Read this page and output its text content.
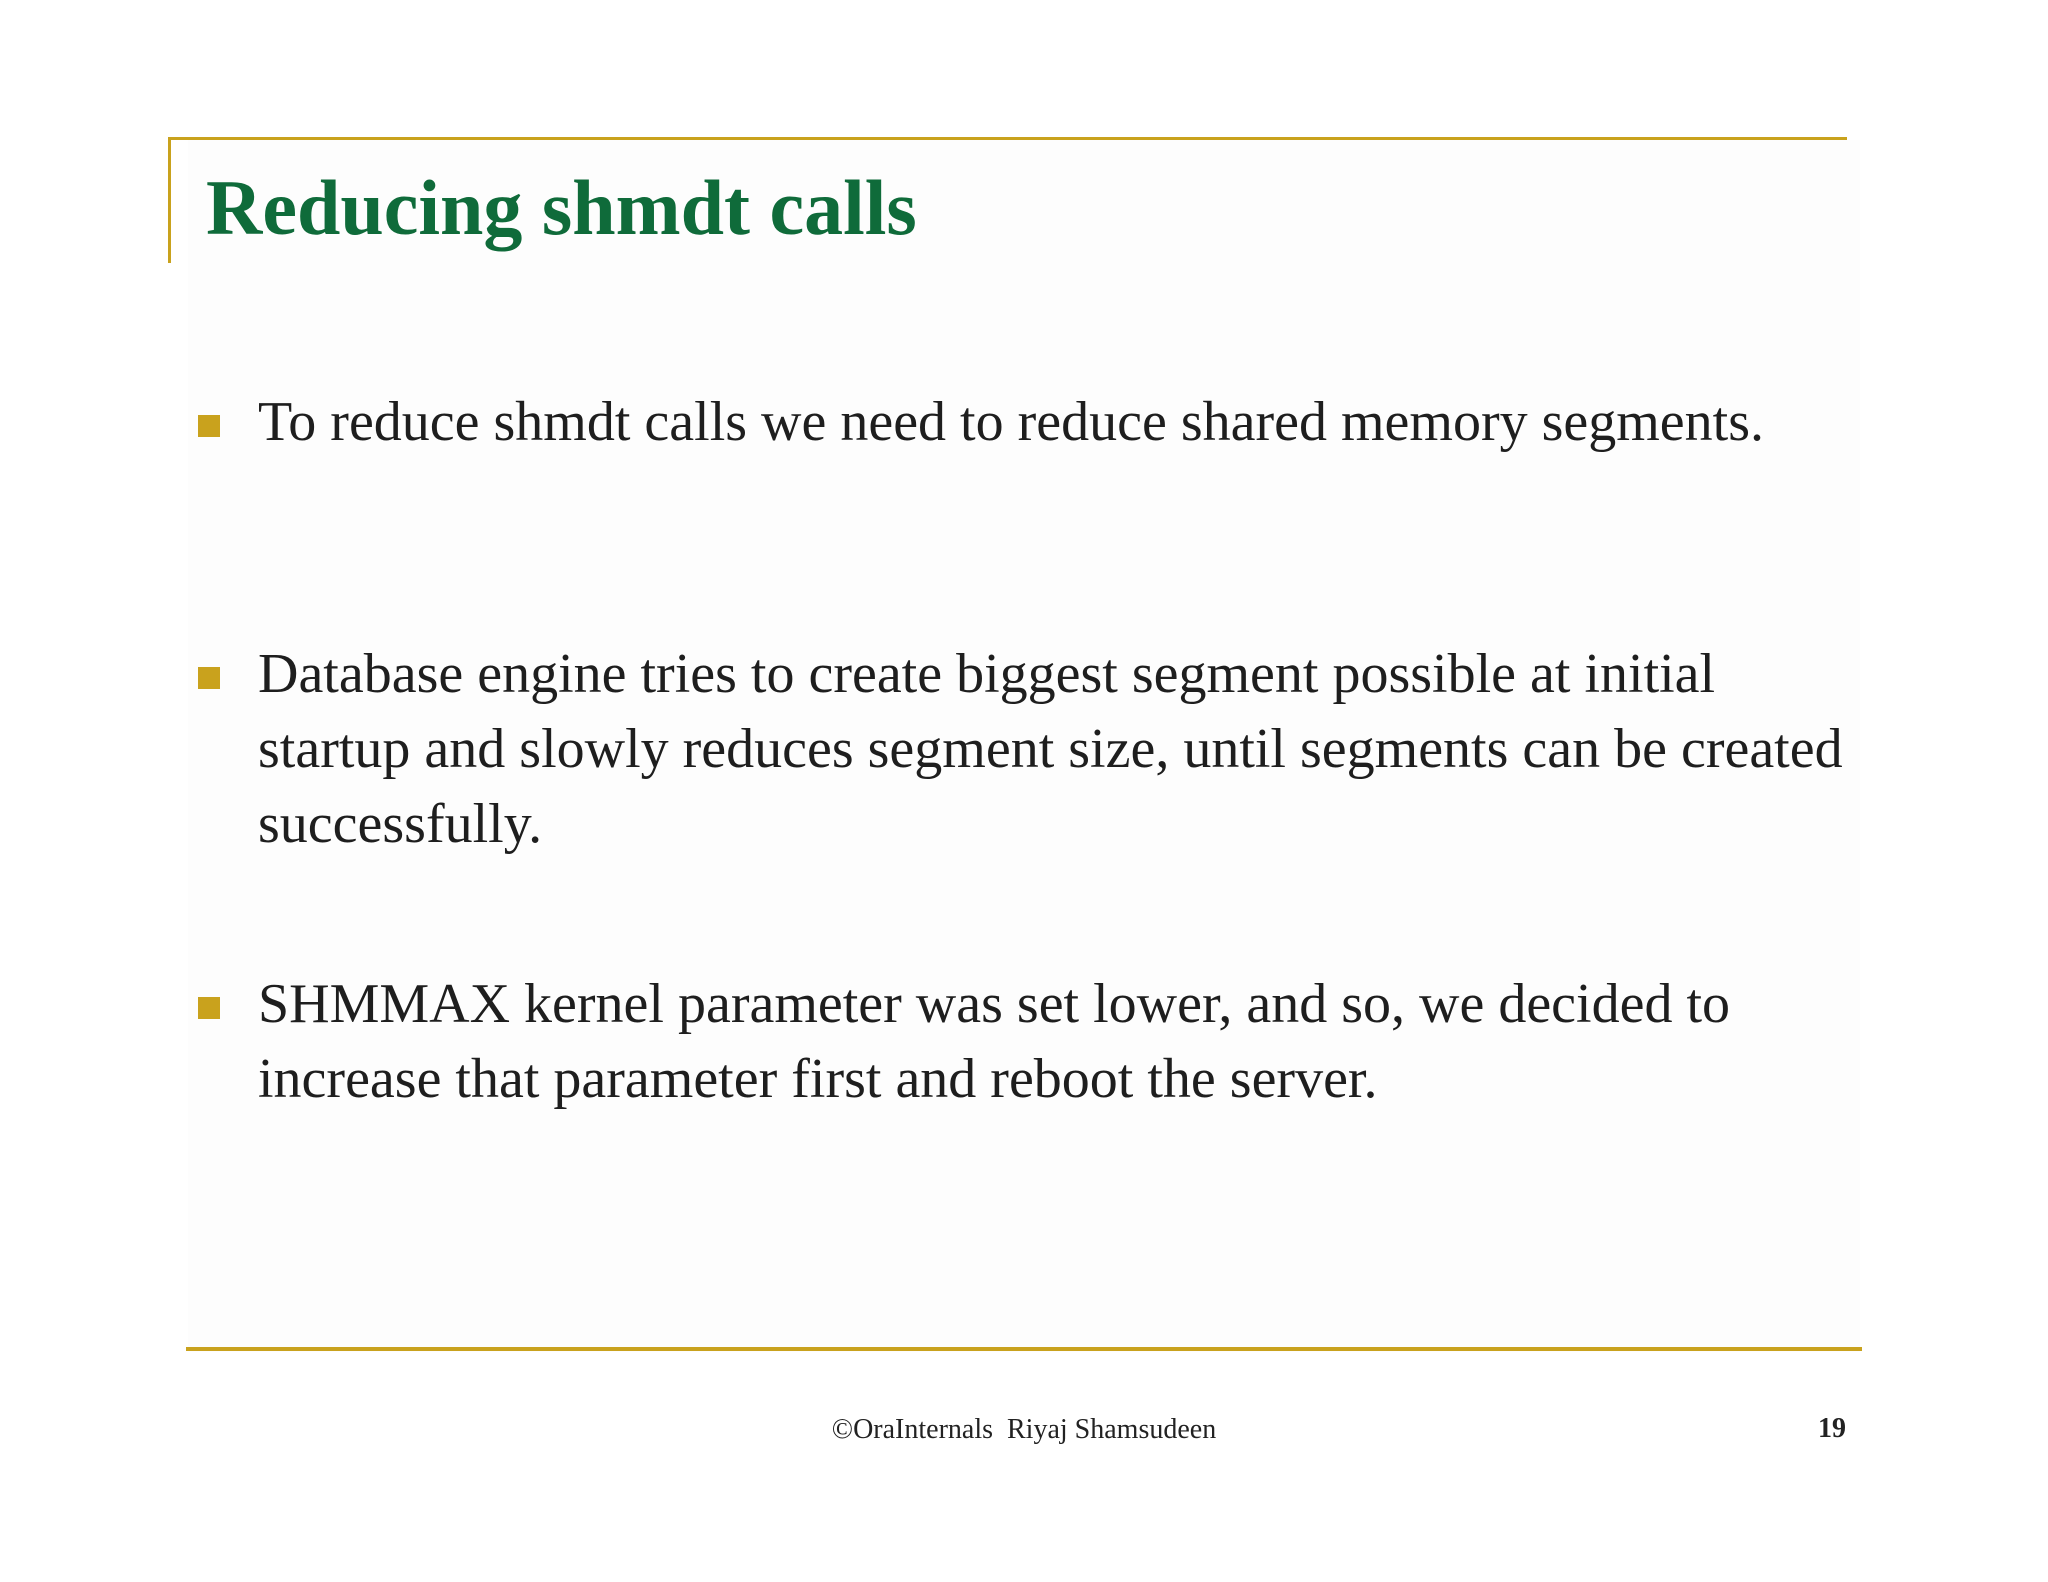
Reducing shmdt calls

To reduce shmdt calls we need to reduce shared memory segments.

Database engine tries to create biggest segment possible at initial startup and slowly reduces segment size, until segments can be created successfully.

SHMMAX kernel parameter was set lower, and so, we decided to increase that parameter first and reboot the server.

©OraInternals  Riyaj Shamsudeen	19
